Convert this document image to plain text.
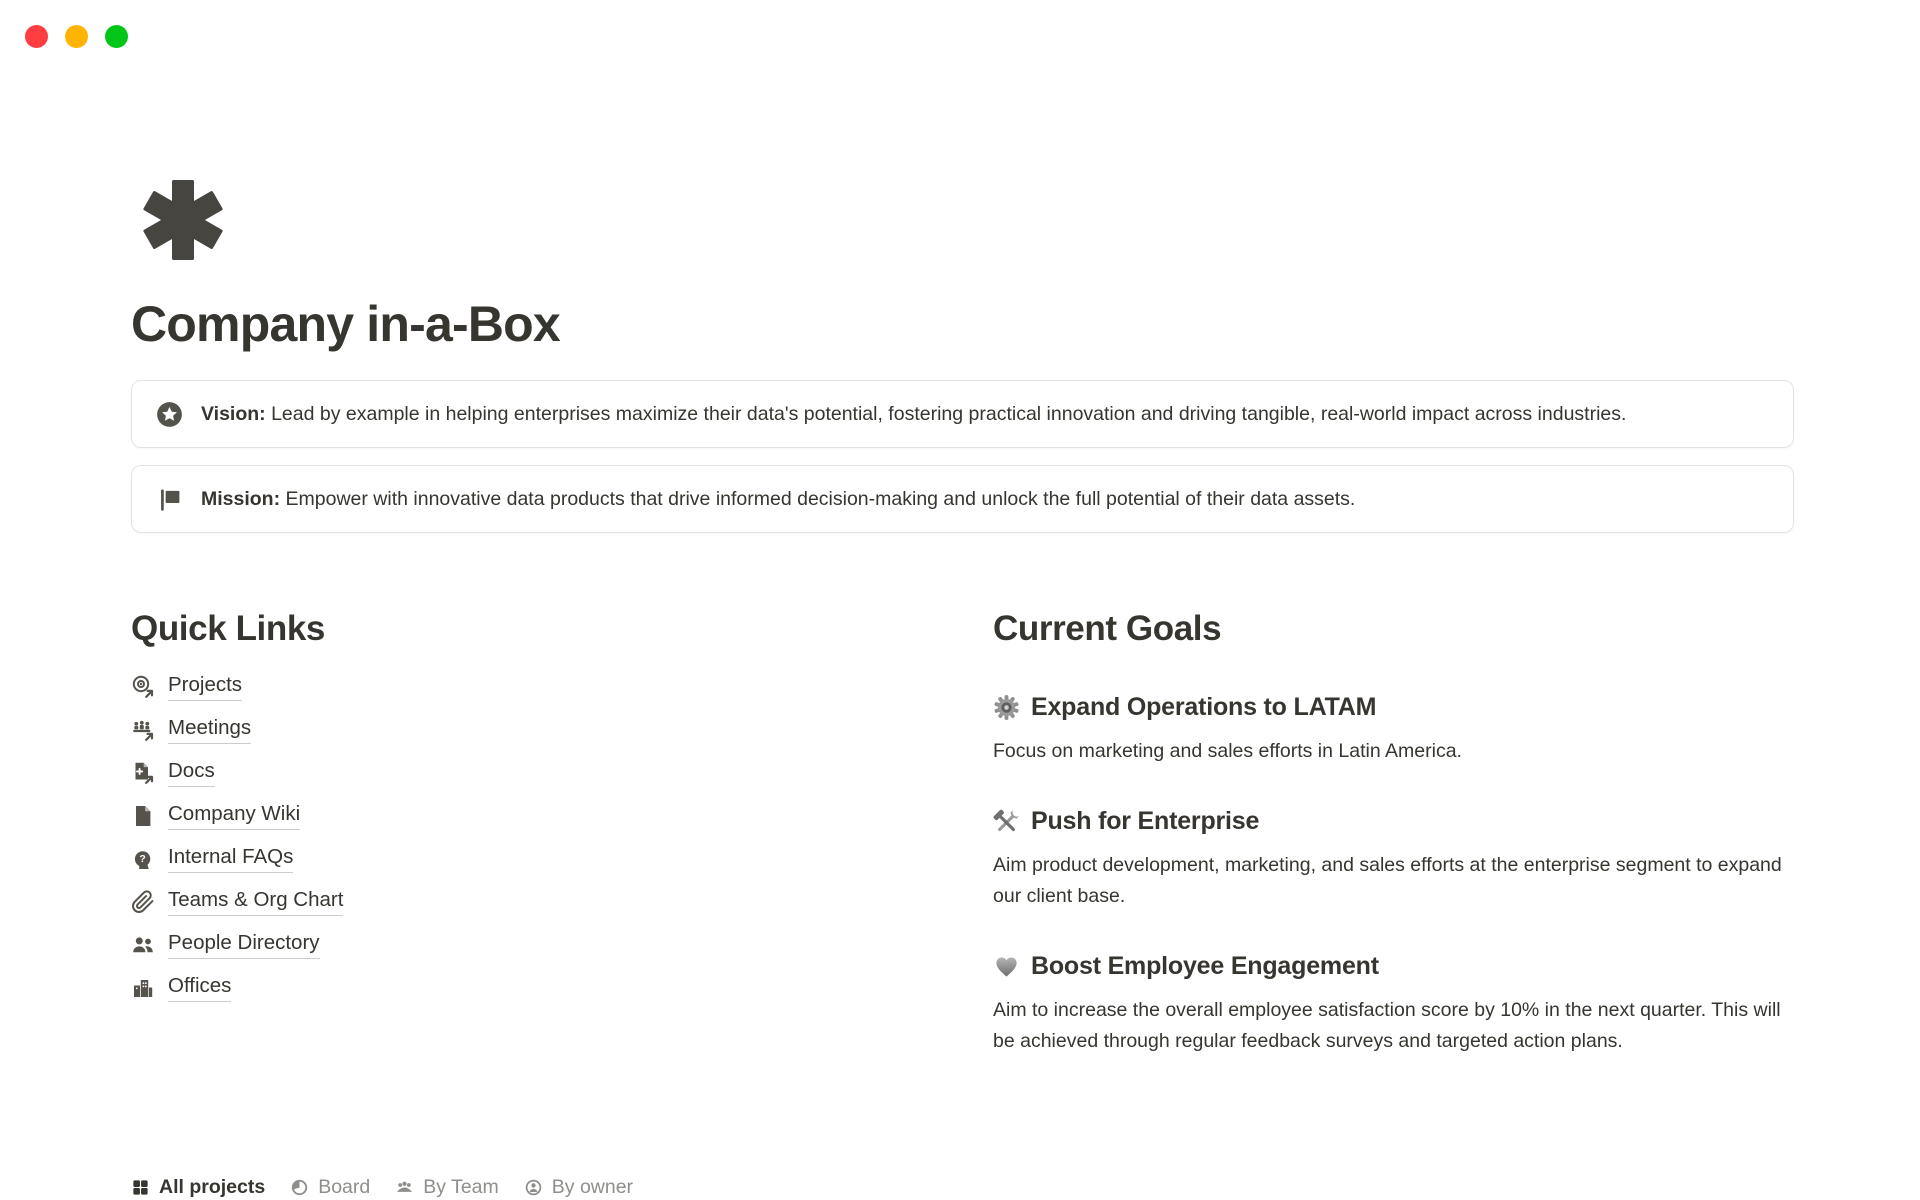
Company in-a-Box
Vision: Lead by example in helping enterprises maximize their data's potential, fostering practical innovation and driving tangible, real-world impact across industries.
Mission: Empower with innovative data products that drive informed decision-making and unlock the full potential of their data assets.
Quick Links
Projects
Meetings
Docs
Company Wiki
? Internal FAQs
Teams & Org Chart
People Directory
Offices
Current Goals
Expand Operations to LATAM

Focus on marketing and sales efforts in Latin America.

Push for Enterprise

Aim product development, marketing, and sales efforts at the enterprise segment to expand our client base.

Boost Employee Engagement

Aim to increase the overall employee satisfaction score by 10% in the next quarter. This will be achieved through regular feedback surveys and targeted action plans.

All projects	Board	By Team	By owner
